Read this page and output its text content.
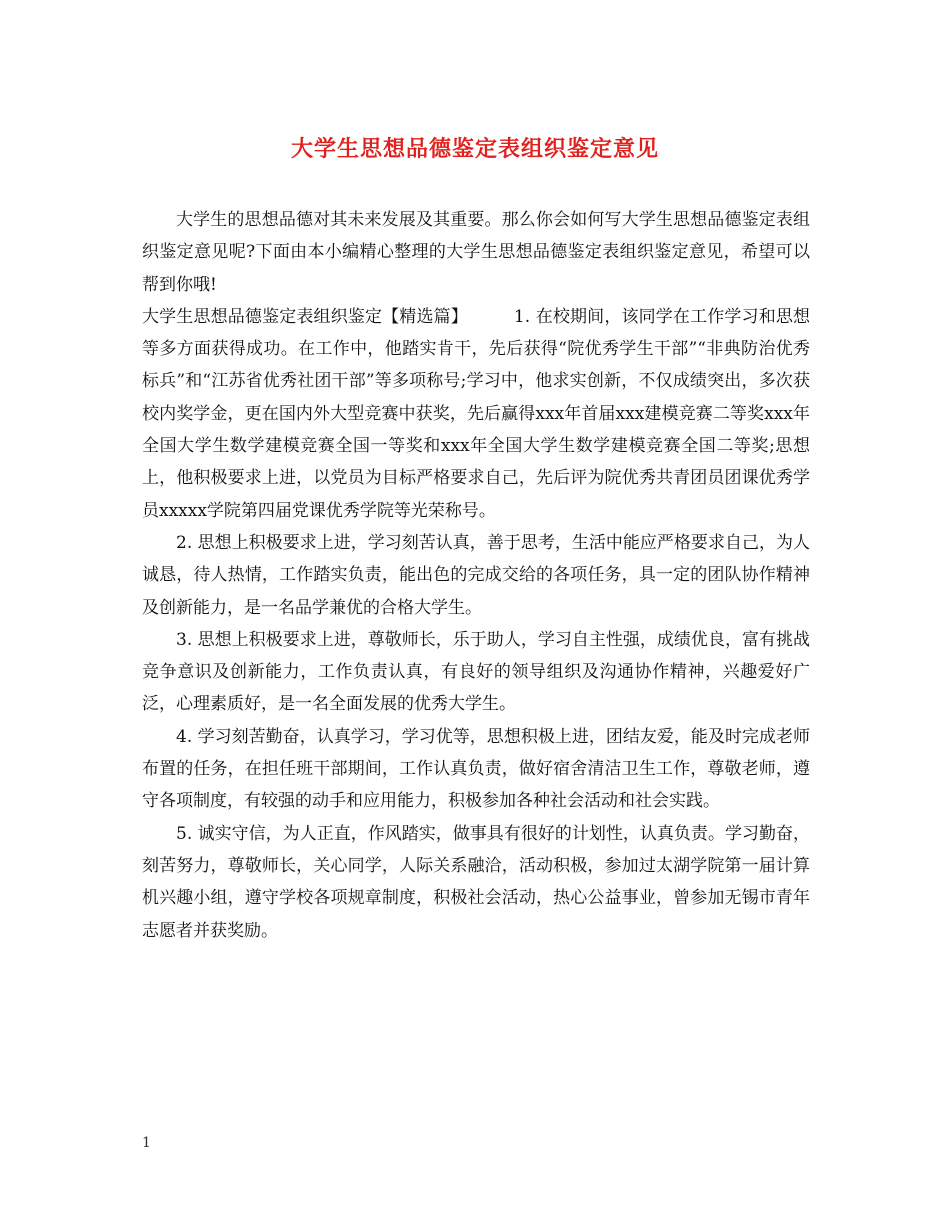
大学生思想品德鉴定表组织鉴定意见

大学生的思想品德对其未来发展及其重要。那么你会如何写大学生思想品德鉴定表组织鉴定意见呢?下面由本小编精心整理的大学生思想品德鉴定表组织鉴定意见，希望可以帮到你哦!

大学生思想品德鉴定表组织鉴定【精选篇】	1. 在校期间，该同学在工作学习和思想等多方面获得成功。在工作中，他踏实肯干，先后获得“院优秀学生干部”“非典防治优秀标兵”和“江苏省优秀社团干部”等多项称号;学习中，他求实创新，不仅成绩突出，多次获校内奖学金，更在国内外大型竞赛中获奖，先后赢得xxx年首届xxx建模竞赛二等奖xxx年全国大学生数学建模竞赛全国一等奖和xxx年全国大学生数学建模竞赛全国二等奖;思想上，他积极要求上进，以党员为目标严格要求自己，先后评为院优秀共青团员团课优秀学员xxxxx学院第四届党课优秀学院等光荣称号。

2. 思想上积极要求上进，学习刻苦认真，善于思考，生活中能应严格要求自己，为人诚恳，待人热情，工作踏实负责，能出色的完成交给的各项任务，具一定的团队协作精神及创新能力，是一名品学兼优的合格大学生。

3. 思想上积极要求上进，尊敬师长，乐于助人，学习自主性强，成绩优良，富有挑战竞争意识及创新能力，工作负责认真，有良好的领导组织及沟通协作精神，兴趣爱好广泛，心理素质好，是一名全面发展的优秀大学生。

4. 学习刻苦勤奋，认真学习，学习优等，思想积极上进，团结友爱，能及时完成老师布置的任务，在担任班干部期间，工作认真负责，做好宿舍清洁卫生工作，尊敬老师，遵守各项制度，有较强的动手和应用能力，积极参加各种社会活动和社会实践。

5. 诚实守信，为人正直，作风踏实，做事具有很好的计划性，认真负责。学习勤奋，刻苦努力，尊敬师长，关心同学，人际关系融洽，活动积极，参加过太湖学院第一届计算机兴趣小组，遵守学校各项规章制度，积极社会活动，热心公益事业，曾参加无锡市青年志愿者并获奖励。

1
